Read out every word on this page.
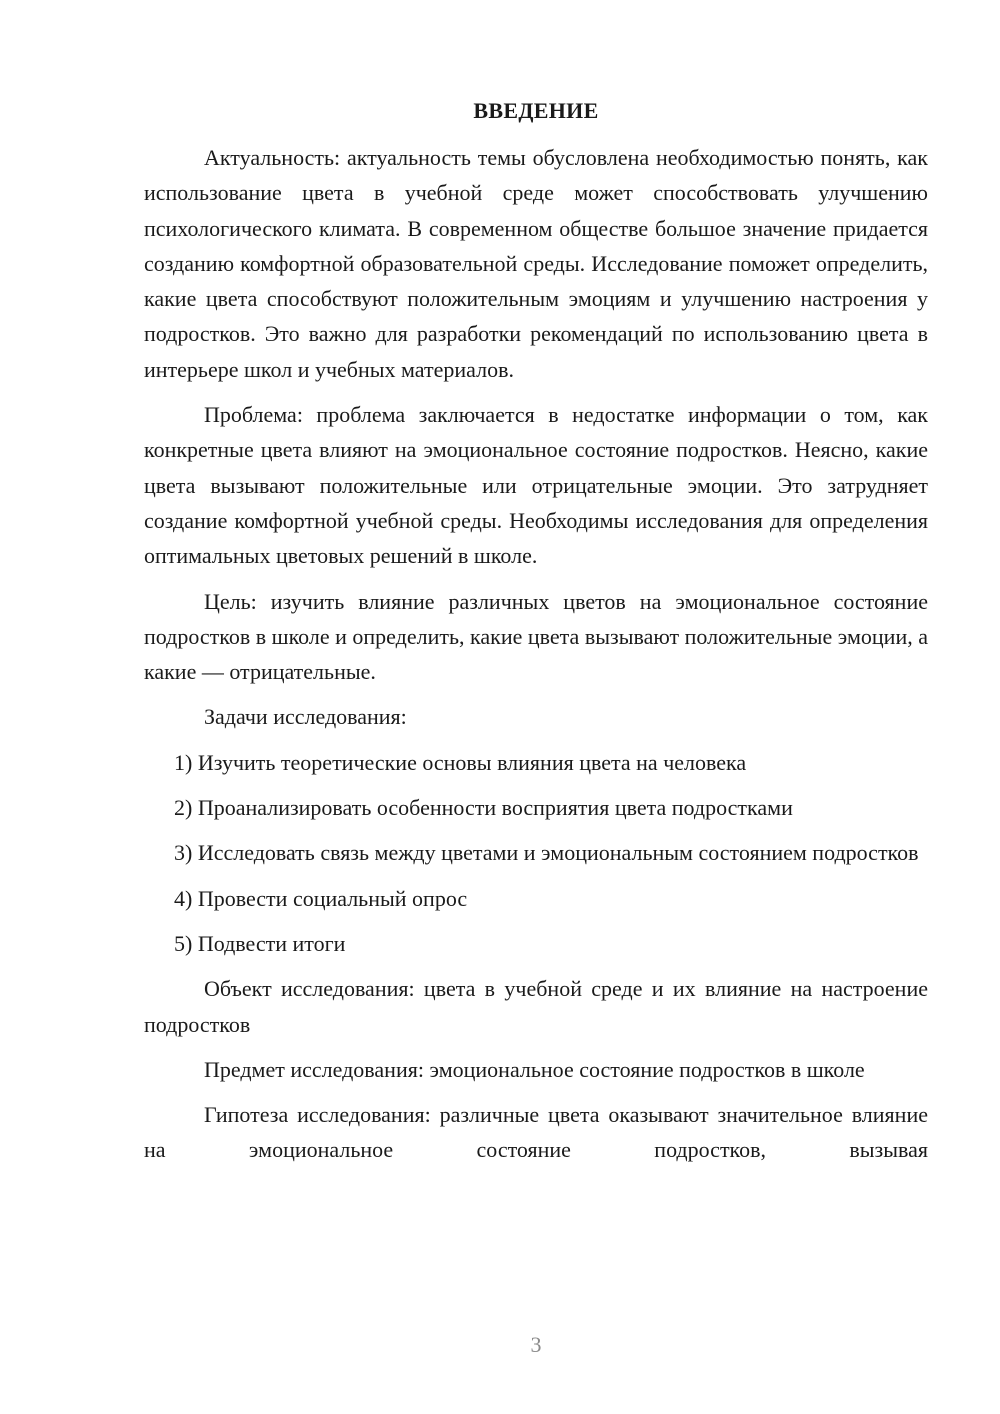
ВВЕДЕНИЕ

Актуальность: актуальность темы обусловлена необходимостью понять, как использование цвета в учебной среде может способствовать улучшению психологического климата. В современном обществе большое значение придается созданию комфортной образовательной среды. Исследование поможет определить, какие цвета способствуют положительным эмоциям и улучшению настроения у подростков. Это важно для разработки рекомендаций по использованию цвета в интерьере школ и учебных материалов.

Проблема: проблема заключается в недостатке информации о том, как конкретные цвета влияют на эмоциональное состояние подростков. Неясно, какие цвета вызывают положительные или отрицательные эмоции. Это затрудняет создание комфортной учебной среды. Необходимы исследования для определения оптимальных цветовых решений в школе.

Цель: изучить влияние различных цветов на эмоциональное состояние подростков в школе и определить, какие цвета вызывают положительные эмоции, а какие — отрицательные.

Задачи исследования:

1) Изучить теоретические основы влияния цвета на человека

2) Проанализировать особенности восприятия цвета подростками

3) Исследовать связь между цветами и эмоциональным состоянием подростков

4) Провести социальный опрос

5) Подвести итоги

Объект исследования: цвета в учебной среде и их влияние на настроение подростков

Предмет исследования: эмоциональное состояние подростков в школе

Гипотеза исследования: различные цвета оказывают значительное влияние на эмоциональное состояние подростков, вызывая

3
